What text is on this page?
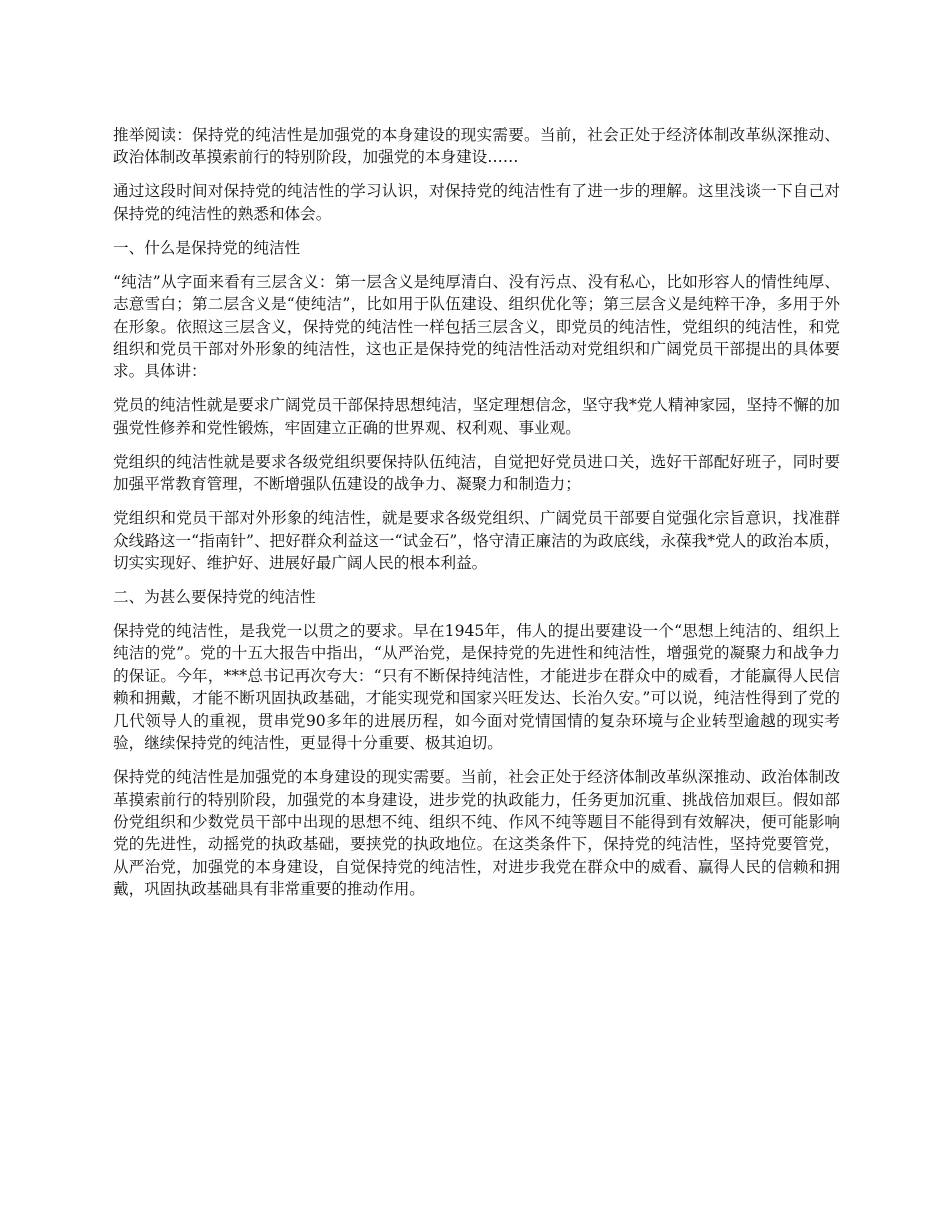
推举阅读：保持党的纯洁性是加强党的本身建设的现实需要。当前，社会正处于经济体制改革纵深推动、政治体制改革摸索前行的特别阶段，加强党的本身建设……

通过这段时间对保持党的纯洁性的学习认识，对保持党的纯洁性有了进一步的理解。这里浅谈一下自己对保持党的纯洁性的熟悉和体会。

一、什么是保持党的纯洁性

“纯洁”从字面来看有三层含义：第一层含义是纯厚清白、没有污点、没有私心，比如形容人的情性纯厚、志意雪白；第二层含义是“使纯洁”，比如用于队伍建设、组织优化等；第三层含义是纯粹干净，多用于外在形象。依照这三层含义，保持党的纯洁性一样包括三层含义，即党员的纯洁性，党组织的纯洁性，和党组织和党员干部对外形象的纯洁性，这也正是保持党的纯洁性活动对党组织和广阔党员干部提出的具体要求。具体讲：

党员的纯洁性就是要求广阔党员干部保持思想纯洁，坚定理想信念，坚守我*党人精神家园，坚持不懈的加强党性修养和党性锻炼，牢固建立正确的世界观、权利观、事业观。

党组织的纯洁性就是要求各级党组织要保持队伍纯洁，自觉把好党员进口关，选好干部配好班子，同时要加强平常教育管理，不断增强队伍建设的战争力、凝聚力和制造力；

党组织和党员干部对外形象的纯洁性，就是要求各级党组织、广阔党员干部要自觉强化宗旨意识，找准群众线路这一“指南针”、把好群众利益这一“试金石”，恪守清正廉洁的为政底线，永葆我*党人的政治本质，切实实现好、维护好、进展好最广阔人民的根本利益。

二、为甚么要保持党的纯洁性

保持党的纯洁性，是我党一以贯之的要求。早在1945年，伟人的提出要建设一个“思想上纯洁的、组织上纯洁的党”。党的十五大报告中指出，“从严治党，是保持党的先进性和纯洁性，增强党的凝聚力和战争力的保证。今年，***总书记再次夸大：“只有不断保持纯洁性，才能进步在群众中的威看，才能赢得人民信赖和拥戴，才能不断巩固执政基础，才能实现党和国家兴旺发达、长治久安。”可以说，纯洁性得到了党的几代领导人的重视，贯串党90多年的进展历程，如今面对党情国情的复杂环境与企业转型逾越的现实考验，继续保持党的纯洁性，更显得十分重要、极其迫切。

保持党的纯洁性是加强党的本身建设的现实需要。当前，社会正处于经济体制改革纵深推动、政治体制改革摸索前行的特别阶段，加强党的本身建设，进步党的执政能力，任务更加沉重、挑战倍加艰巨。假如部份党组织和少数党员干部中出现的思想不纯、组织不纯、作风不纯等题目不能得到有效解决，便可能影响党的先进性，动摇党的执政基础，要挟党的执政地位。在这类条件下，保持党的纯洁性，坚持党要管党，从严治党，加强党的本身建设，自觉保持党的纯洁性，对进步我党在群众中的威看、赢得人民的信赖和拥戴，巩固执政基础具有非常重要的推动作用。
